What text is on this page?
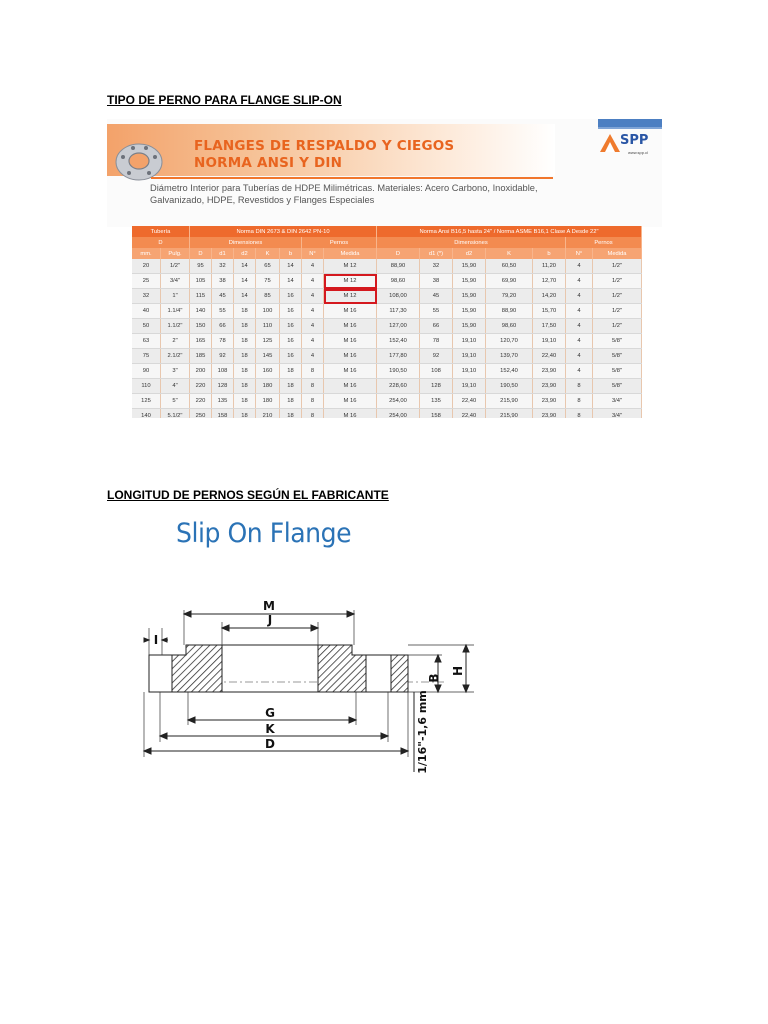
TIPO DE PERNO PARA FLANGE SLIP-ON
FLANGES DE RESPALDO Y CIEGOS
NORMA ANSI Y DIN
Diámetro Interior para Tuberías de HDPE Milimétricas. Materiales: Acero Carbono, Inoxidable, Galvanizado, HDPE, Revestidos y Flanges Especiales
SPP
www.spp.cl
Tubería		Norma DIN 2673 & DIN 2642 PN-10							Norma Ansi B16,5 hasta 24" / Norma ASME B16,1 Clase A Desde 22"						
D		Dimensiones					Pernos		Dimensiones					Pernos	
mm.	Pulg.	D	d1	d2	K	b	N°	Medida	D	d1 (*)	d2	K	b	N°	Medida
20	1/2"	95	32	14	65	14	4	M 12	88,90	32	15,90	60,50	11,20	4	1/2"
25	3/4"	105	38	14	75	14	4	M 12	98,60	38	15,90	69,90	12,70	4	1/2"
32	1"	115	45	14	85	16	4	M 12	108,00	45	15,90	79,20	14,20	4	1/2"
40	1.1/4"	140	55	18	100	16	4	M 16	117,30	55	15,90	88,90	15,70	4	1/2"
50	1.1/2"	150	66	18	110	16	4	M 16	127,00	66	15,90	98,60	17,50	4	1/2"
63	2"	165	78	18	125	16	4	M 16	152,40	78	19,10	120,70	19,10	4	5/8"
75	2.1/2"	185	92	18	145	16	4	M 16	177,80	92	19,10	139,70	22,40	4	5/8"
90	3"	200	108	18	160	18	8	M 16	190,50	108	19,10	152,40	23,90	4	5/8"
110	4"	220	128	18	180	18	8	M 16	228,60	128	19,10	190,50	23,90	8	5/8"
125	5"	220	135	18	180	18	8	M 16	254,00	135	22,40	215,90	23,90	8	3/4"
140	5.1/2"	250	158	18	210	18	8	M 16	254,00	158	22,40	215,90	23,90	8	3/4"
LONGITUD DE PERNOS SEGÚN EL FABRICANTE
Slip On Flange
M
J
I
G
K
D
B
H
1/16"-1,6 mm
